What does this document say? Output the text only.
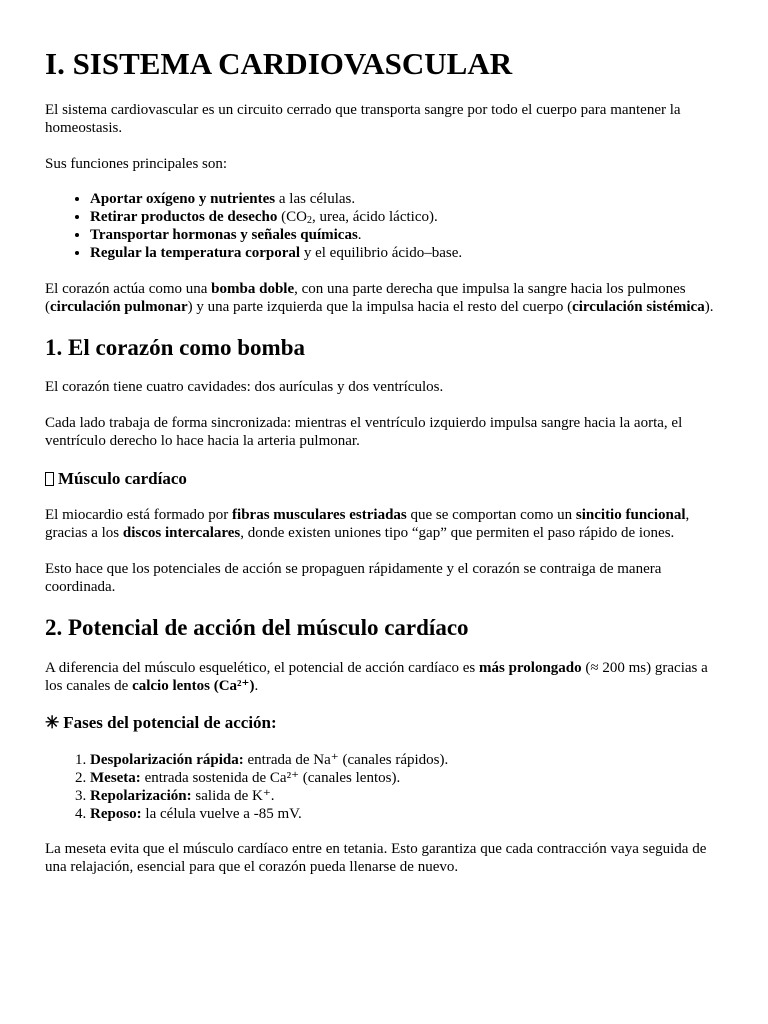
I. SISTEMA CARDIOVASCULAR

El sistema cardiovascular es un circuito cerrado que transporta sangre por todo el cuerpo para mantener la homeostasis.

Sus funciones principales son:

• Aportar oxígeno y nutrientes a las células.
• Retirar productos de desecho ($CO_2$, urea, ácido láctico).
• Transportar hormonas y señales químicas.
• Regular la temperatura corporal y el equilibrio ácido–base.

El corazón actúa como una bomba doble, con una parte derecha que impulsa la sangre hacia los pulmones (circulación pulmonar) y una parte izquierda que la impulsa hacia el resto del cuerpo (circulación sistémica).

1. El corazón como bomba

El corazón tiene cuatro cavidades: dos aurículas y dos ventrículos.

Cada lado trabaja de forma sincronizada: mientras el ventrículo izquierdo impulsa sangre hacia la aorta, el ventrículo derecho lo hace hacia la arteria pulmonar.

Músculo cardíaco

El miocardio está formado por fibras musculares estriadas que se comportan como un sincitio funcional, gracias a los discos intercalares, donde existen uniones tipo “gap” que permiten el paso rápido de iones.

Esto hace que los potenciales de acción se propaguen rápidamente y el corazón se contraiga de manera coordinada.

2. Potencial de acción del músculo cardíaco

A diferencia del músculo esquelético, el potencial de acción cardíaco es más prolongado (≈ 200 ms) gracias a los canales de calcio lentos (Ca²⁺).

✳ Fases del potencial de acción:
1. Despolarización rápida: entrada de Na⁺ (canales rápidos).
2. Meseta: entrada sostenida de Ca²⁺ (canales lentos).
3. Repolarización: salida de K⁺.
4. Reposo: la célula vuelve a -85 mV.

La meseta evita que el músculo cardíaco entre en tetania. Esto garantiza que cada contracción vaya seguida de una relajación, esencial para que el corazón pueda llenarse de nuevo.
